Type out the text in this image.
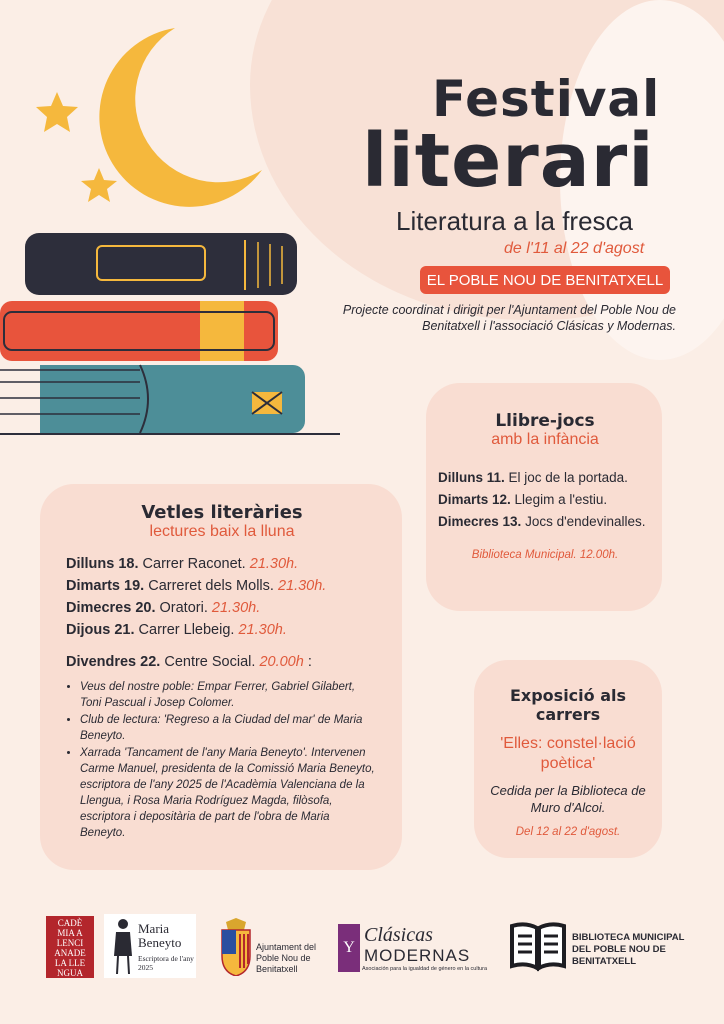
Festival
literari
Literatura a la fresca
de l'11 al 22 d'agost
EL POBLE NOU DE BENITATXELL
Projecte coordinat i dirigit per l'Ajuntament del Poble Nou de Benitatxell i l'associació Clásicas y Modernas.
Llibre-jocs
amb la infància
Dilluns 11. El joc de la portada.
Dimarts 12. Llegim a l'estiu.
Dimecres 13. Jocs d'endevinalles.
Biblioteca Municipal. 12.00h.
Vetles literàries
lectures baix la lluna
Dilluns 18. Carrer Raconet. 21.30h.
Dimarts 19. Carreret dels Molls. 21.30h.
Dimecres 20. Oratori. 21.30h.
Dijous 21. Carrer Llebeig. 21.30h.
Divendres 22. Centre Social. 20.00h :
• Veus del nostre poble: Empar Ferrer, Gabriel Gilabert, Toni Pascual i Josep Colomer.
• Club de lectura: 'Regreso a la Ciudad del mar' de Maria Beneyto.
• Xarrada 'Tancament de l'any Maria Beneyto'. Intervenen Carme Manuel, presidenta de la Comissió Maria Beneyto, escriptora de l'any 2025 de l'Acadèmia Valenciana de la Llengua, i Rosa Maria Rodríguez Magda, filòsofa, escriptora i depositària de part de l'obra de Maria Beneyto.
Exposició als carrers
'Elles: constel·lació poètica'
Cedida per la Biblioteca de Muro d'Alcoi.
Del 12 al 22 d'agost.
CADÈ
MIA A
LENCI
ANADE
LA LLE
NGUA
Maria Beneyto
Escriptora de l'any 2025
Ajuntament del Poble Nou de Benitatxell
Y
Clásicas
MODERNAS
Asociación para la igualdad de género en la cultura
BIBLIOTECA MUNICIPAL DEL POBLE NOU DE BENITATXELL
